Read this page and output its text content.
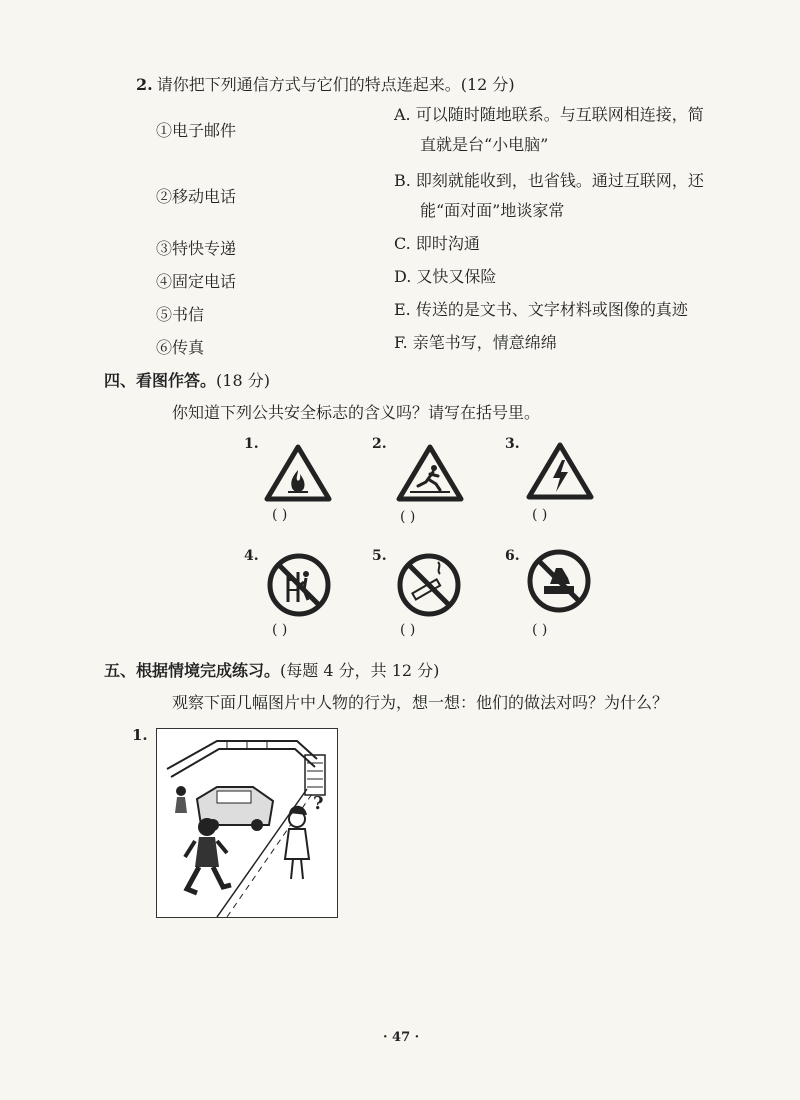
2. 请你把下列通信方式与它们的特点连起来。(12 分)
①电子邮件
②移动电话
③特快专递
④固定电话
⑤书信
⑥传真
A. 可以随时随地联系。与互联网相连接，简
直就是台“小电脑”
B. 即刻就能收到，也省钱。通过互联网，还
能“面对面”地谈家常
C. 即时沟通
D. 又快又保险
E. 传送的是文书、文字材料或图像的真迹
F. 亲笔书写，情意绵绵
四、看图作答。(18 分)
你知道下列公共安全标志的含义吗？请写在括号里。
1.
( )
2.
( )
3.
( )
4.
( )
5.
( )
6.
( )
五、根据情境完成练习。(每题 4 分，共 12 分)
观察下面几幅图片中人物的行为，想一想：他们的做法对吗？为什么？
1.
?
· 47 ·
